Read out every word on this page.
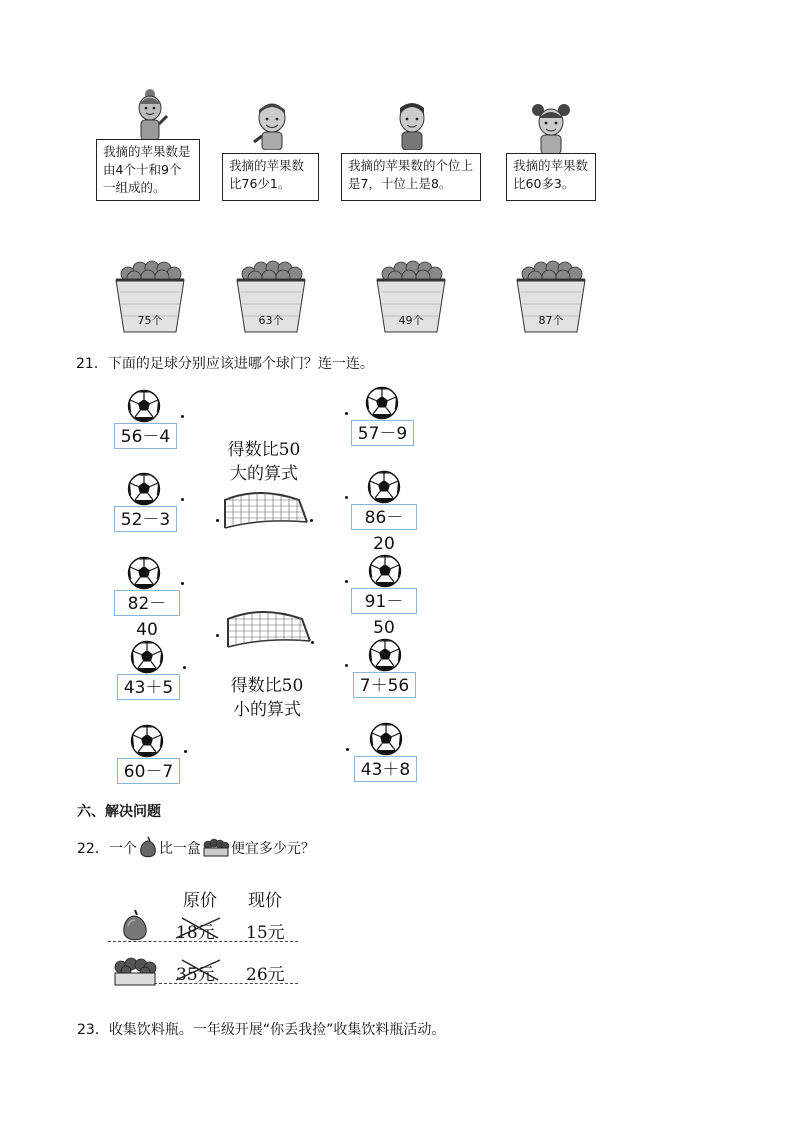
我摘的苹果数是由4个十和9个一组成的。
我摘的苹果数比76少1。
我摘的苹果数的个位上是7，十位上是8。
我摘的苹果数比60多3。
75个	63个	49个	87个
21．下面的足球分别应该进哪个球门？连一连。
56－4
52－3
82－40
43＋5
60－7
得数比50
大的算式
得数比50
小的算式
57－9
86－20
91－50
7＋56
43＋8
六、解决问题
22． 一个 比一盒 便宜多少元？
原价 现价
18元 15元
35元 26元
23．收集饮料瓶。一年级开展“你丢我捡”收集饮料瓶活动。
